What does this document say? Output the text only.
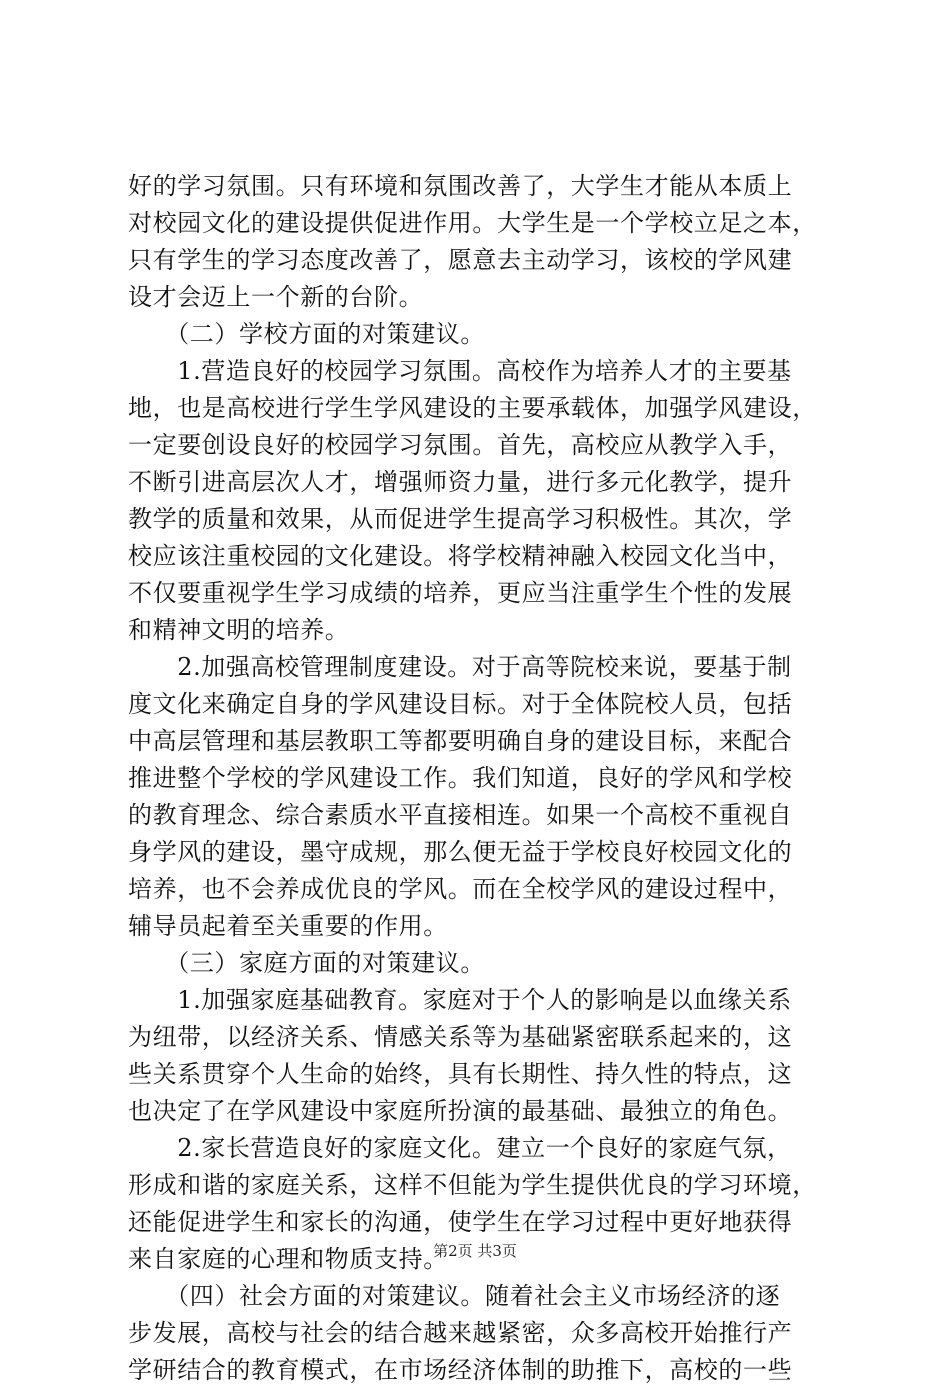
好的学习氛围。只有环境和氛围改善了，大学生才能从本质上
对校园文化的建设提供促进作用。大学生是一个学校立足之本，
只有学生的学习态度改善了，愿意去主动学习，该校的学风建
设才会迈上一个新的台阶。
　　（二）学校方面的对策建议。
　　1.营造良好的校园学习氛围。高校作为培养人才的主要基
地，也是高校进行学生学风建设的主要承载体，加强学风建设，
一定要创设良好的校园学习氛围。首先，高校应从教学入手，
不断引进高层次人才，增强师资力量，进行多元化教学，提升
教学的质量和效果，从而促进学生提高学习积极性。其次，学
校应该注重校园的文化建设。将学校精神融入校园文化当中，
不仅要重视学生学习成绩的培养，更应当注重学生个性的发展
和精神文明的培养。
　　2.加强高校管理制度建设。对于高等院校来说，要基于制
度文化来确定自身的学风建设目标。对于全体院校人员，包括
中高层管理和基层教职工等都要明确自身的建设目标，来配合
推进整个学校的学风建设工作。我们知道，良好的学风和学校
的教育理念、综合素质水平直接相连。如果一个高校不重视自
身学风的建设，墨守成规，那么便无益于学校良好校园文化的
培养，也不会养成优良的学风。而在全校学风的建设过程中，
辅导员起着至关重要的作用。
　　（三）家庭方面的对策建议。
　　1.加强家庭基础教育。家庭对于个人的影响是以血缘关系
为纽带，以经济关系、情感关系等为基础紧密联系起来的，这
些关系贯穿个人生命的始终，具有长期性、持久性的特点，这
也决定了在学风建设中家庭所扮演的最基础、最独立的角色。
　　2.家长营造良好的家庭文化。建立一个良好的家庭气氛，
形成和谐的家庭关系，这样不但能为学生提供优良的学习环境，
还能促进学生和家长的沟通，使学生在学习过程中更好地获得
来自家庭的心理和物质支持。
　　（四）社会方面的对策建议。随着社会主义市场经济的逐
步发展，高校与社会的结合越来越紧密，众多高校开始推行产
学研结合的教育模式，在市场经济体制的助推下，高校的一些
第2页 共3页
